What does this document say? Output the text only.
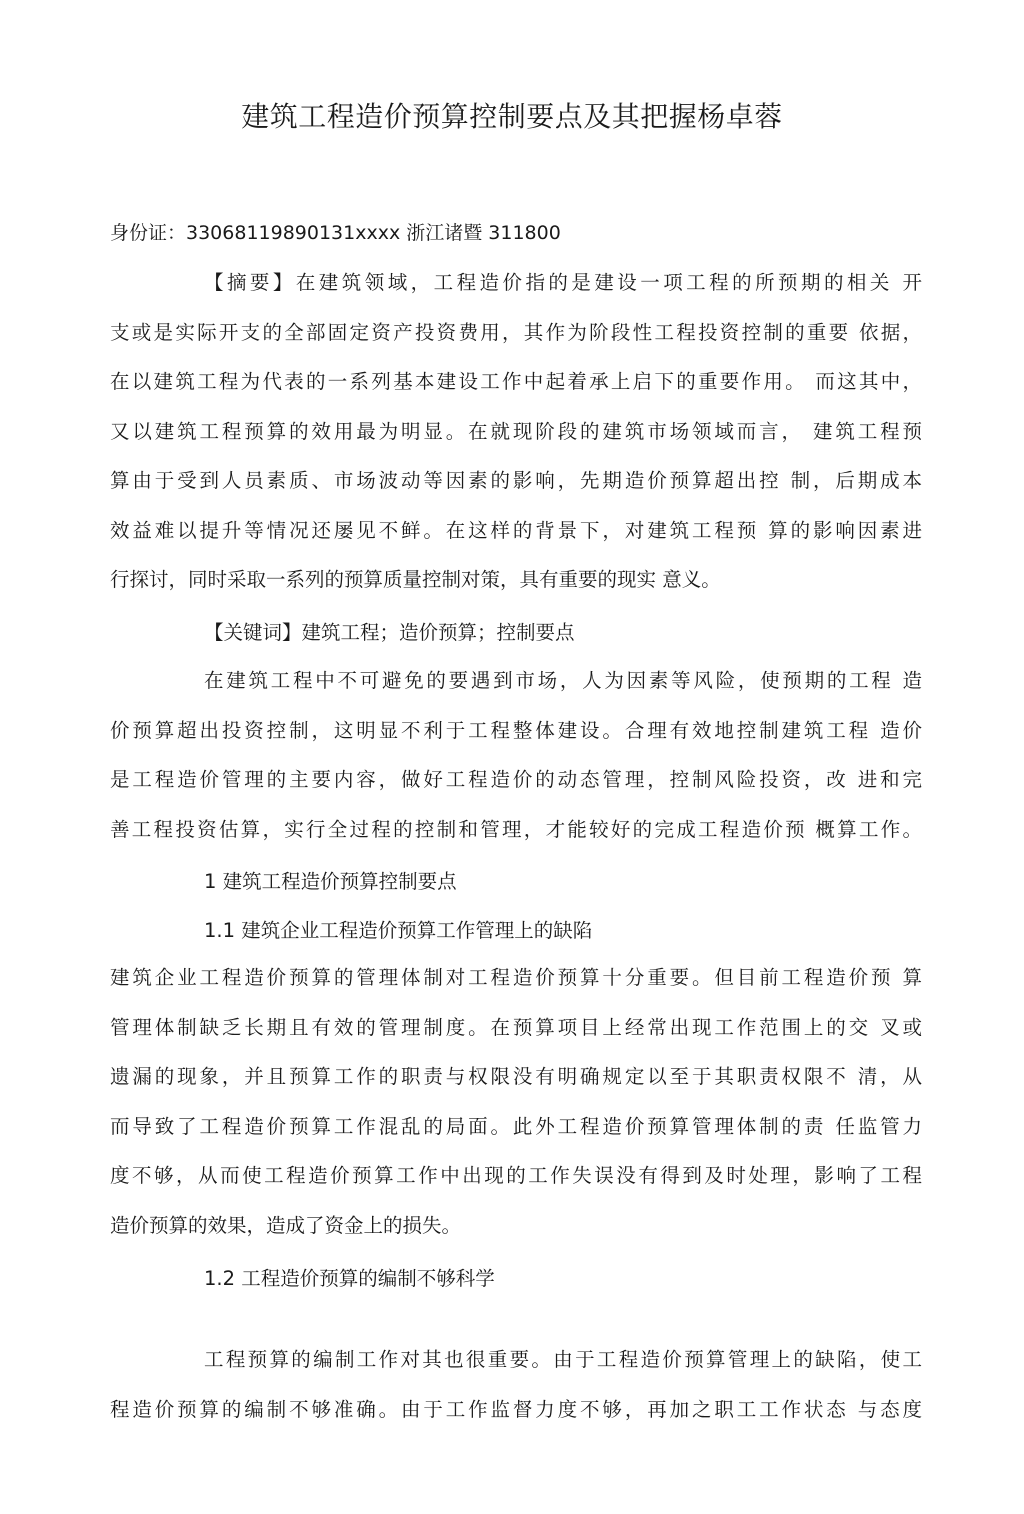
建筑工程造价预算控制要点及其把握杨卓蓉
身份证：33068119890131xxxx 浙江诸暨 311800
【摘要】在建筑领域，工程造价指的是建设一项工程的所预期的相关 开
支或是实际开支的全部固定资产投资费用，其作为阶段性工程投资控制的重要 依据，
在以建筑工程为代表的一系列基本建设工作中起着承上启下的重要作用。 而这其中，
又以建筑工程预算的效用最为明显。在就现阶段的建筑市场领域而言， 建筑工程预
算由于受到人员素质、市场波动等因素的影响，先期造价预算超出控 制，后期成本
效益难以提升等情况还屡见不鲜。在这样的背景下，对建筑工程预 算的影响因素进
行探讨，同时采取一系列的预算质量控制对策，具有重要的现实 意义。
【关键词】建筑工程；造价预算；控制要点
在建筑工程中不可避免的要遇到市场，人为因素等风险，使预期的工程 造
价预算超出投资控制，这明显不利于工程整体建设。合理有效地控制建筑工程 造价
是工程造价管理的主要内容，做好工程造价的动态管理，控制风险投资，改 进和完
善工程投资估算，实行全过程的控制和管理，才能较好的完成工程造价预 概算工作。
1 建筑工程造价预算控制要点
1.1 建筑企业工程造价预算工作管理上的缺陷
建筑企业工程造价预算的管理体制对工程造价预算十分重要。但目前工程造价预 算
管理体制缺乏长期且有效的管理制度。在预算项目上经常出现工作范围上的交 叉或
遗漏的现象，并且预算工作的职责与权限没有明确规定以至于其职责权限不 清，从
而导致了工程造价预算工作混乱的局面。此外工程造价预算管理体制的责 任监管力
度不够，从而使工程造价预算工作中出现的工作失误没有得到及时处理，影响了工程
造价预算的效果，造成了资金上的损失。
1.2 工程造价预算的编制不够科学
工程预算的编制工作对其也很重要。由于工程造价预算管理上的缺陷，使工
程造价预算的编制不够准确。由于工作监督力度不够，再加之职工工作状态 与态度
